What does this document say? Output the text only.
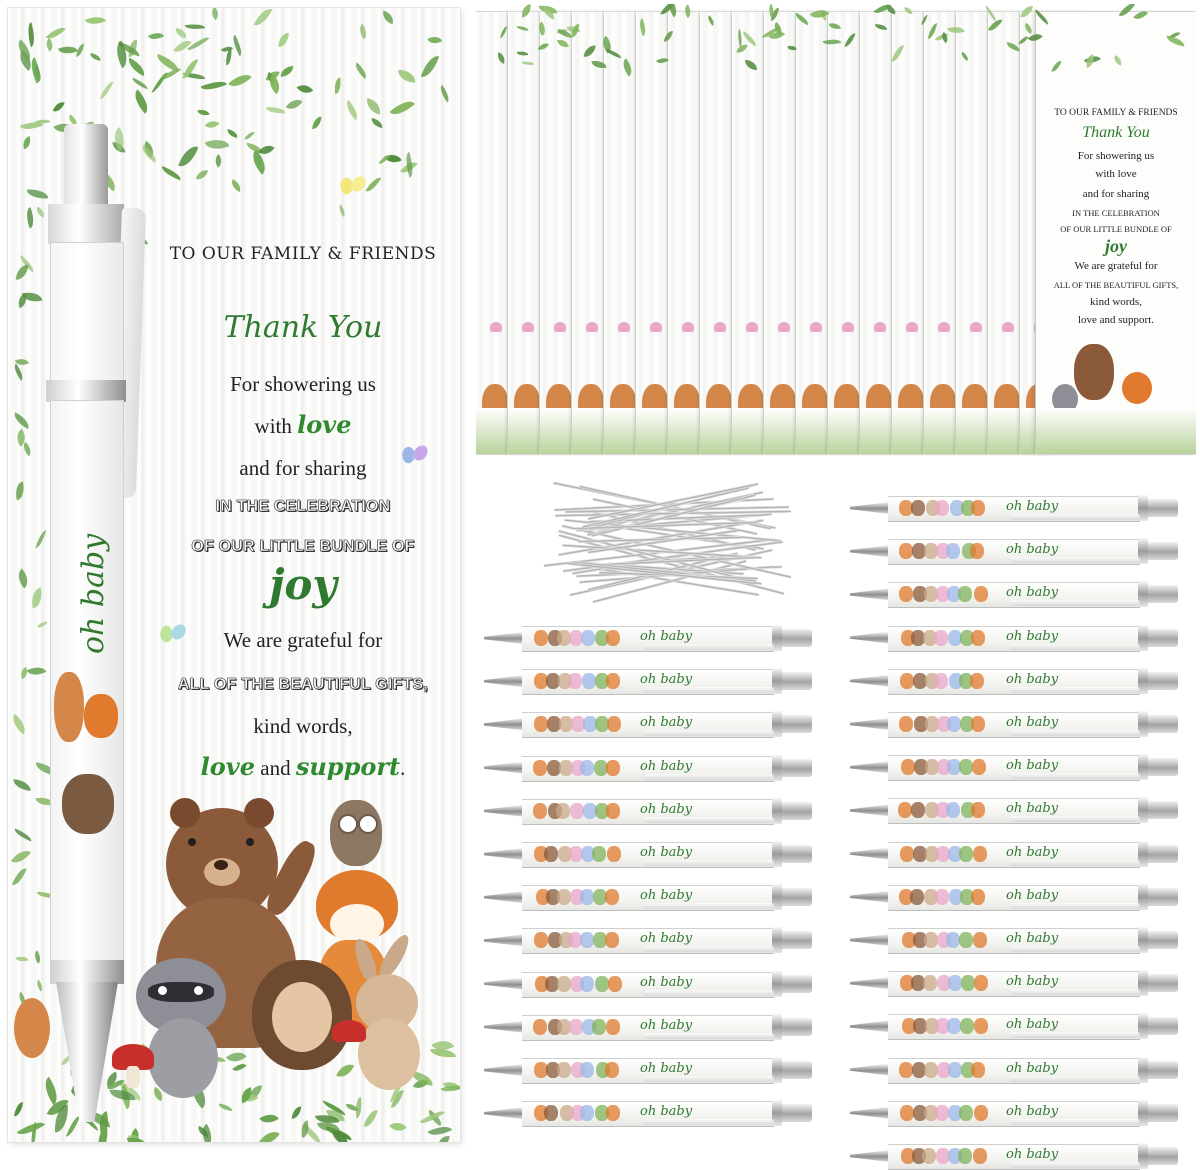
TO OUR FAMILY & FRIENDS
Thank You
For showering us
with love
and for sharing
IN THE CELEBRATION
OF OUR LITTLE BUNDLE OF
joy
We are grateful for
ALL OF THE BEAUTIFUL GIFTS,
kind words,
love and support.
oh baby
TO OUR FAMILY & FRIENDS
Thank You
For showering us
with love
and for sharing
IN THE CELEBRATION
OF OUR LITTLE BUNDLE OF
joy
We are grateful for
ALL OF THE BEAUTIFUL GIFTS,
kind words,
love and support.
oh baby
oh baby
oh baby
oh baby
oh baby
oh baby
oh baby
oh baby
oh baby
oh baby
oh baby
oh baby
oh baby
oh baby
oh baby
oh baby
oh baby
oh baby
oh baby
oh baby
oh baby
oh baby
oh baby
oh baby
oh baby
oh baby
oh baby
oh baby
